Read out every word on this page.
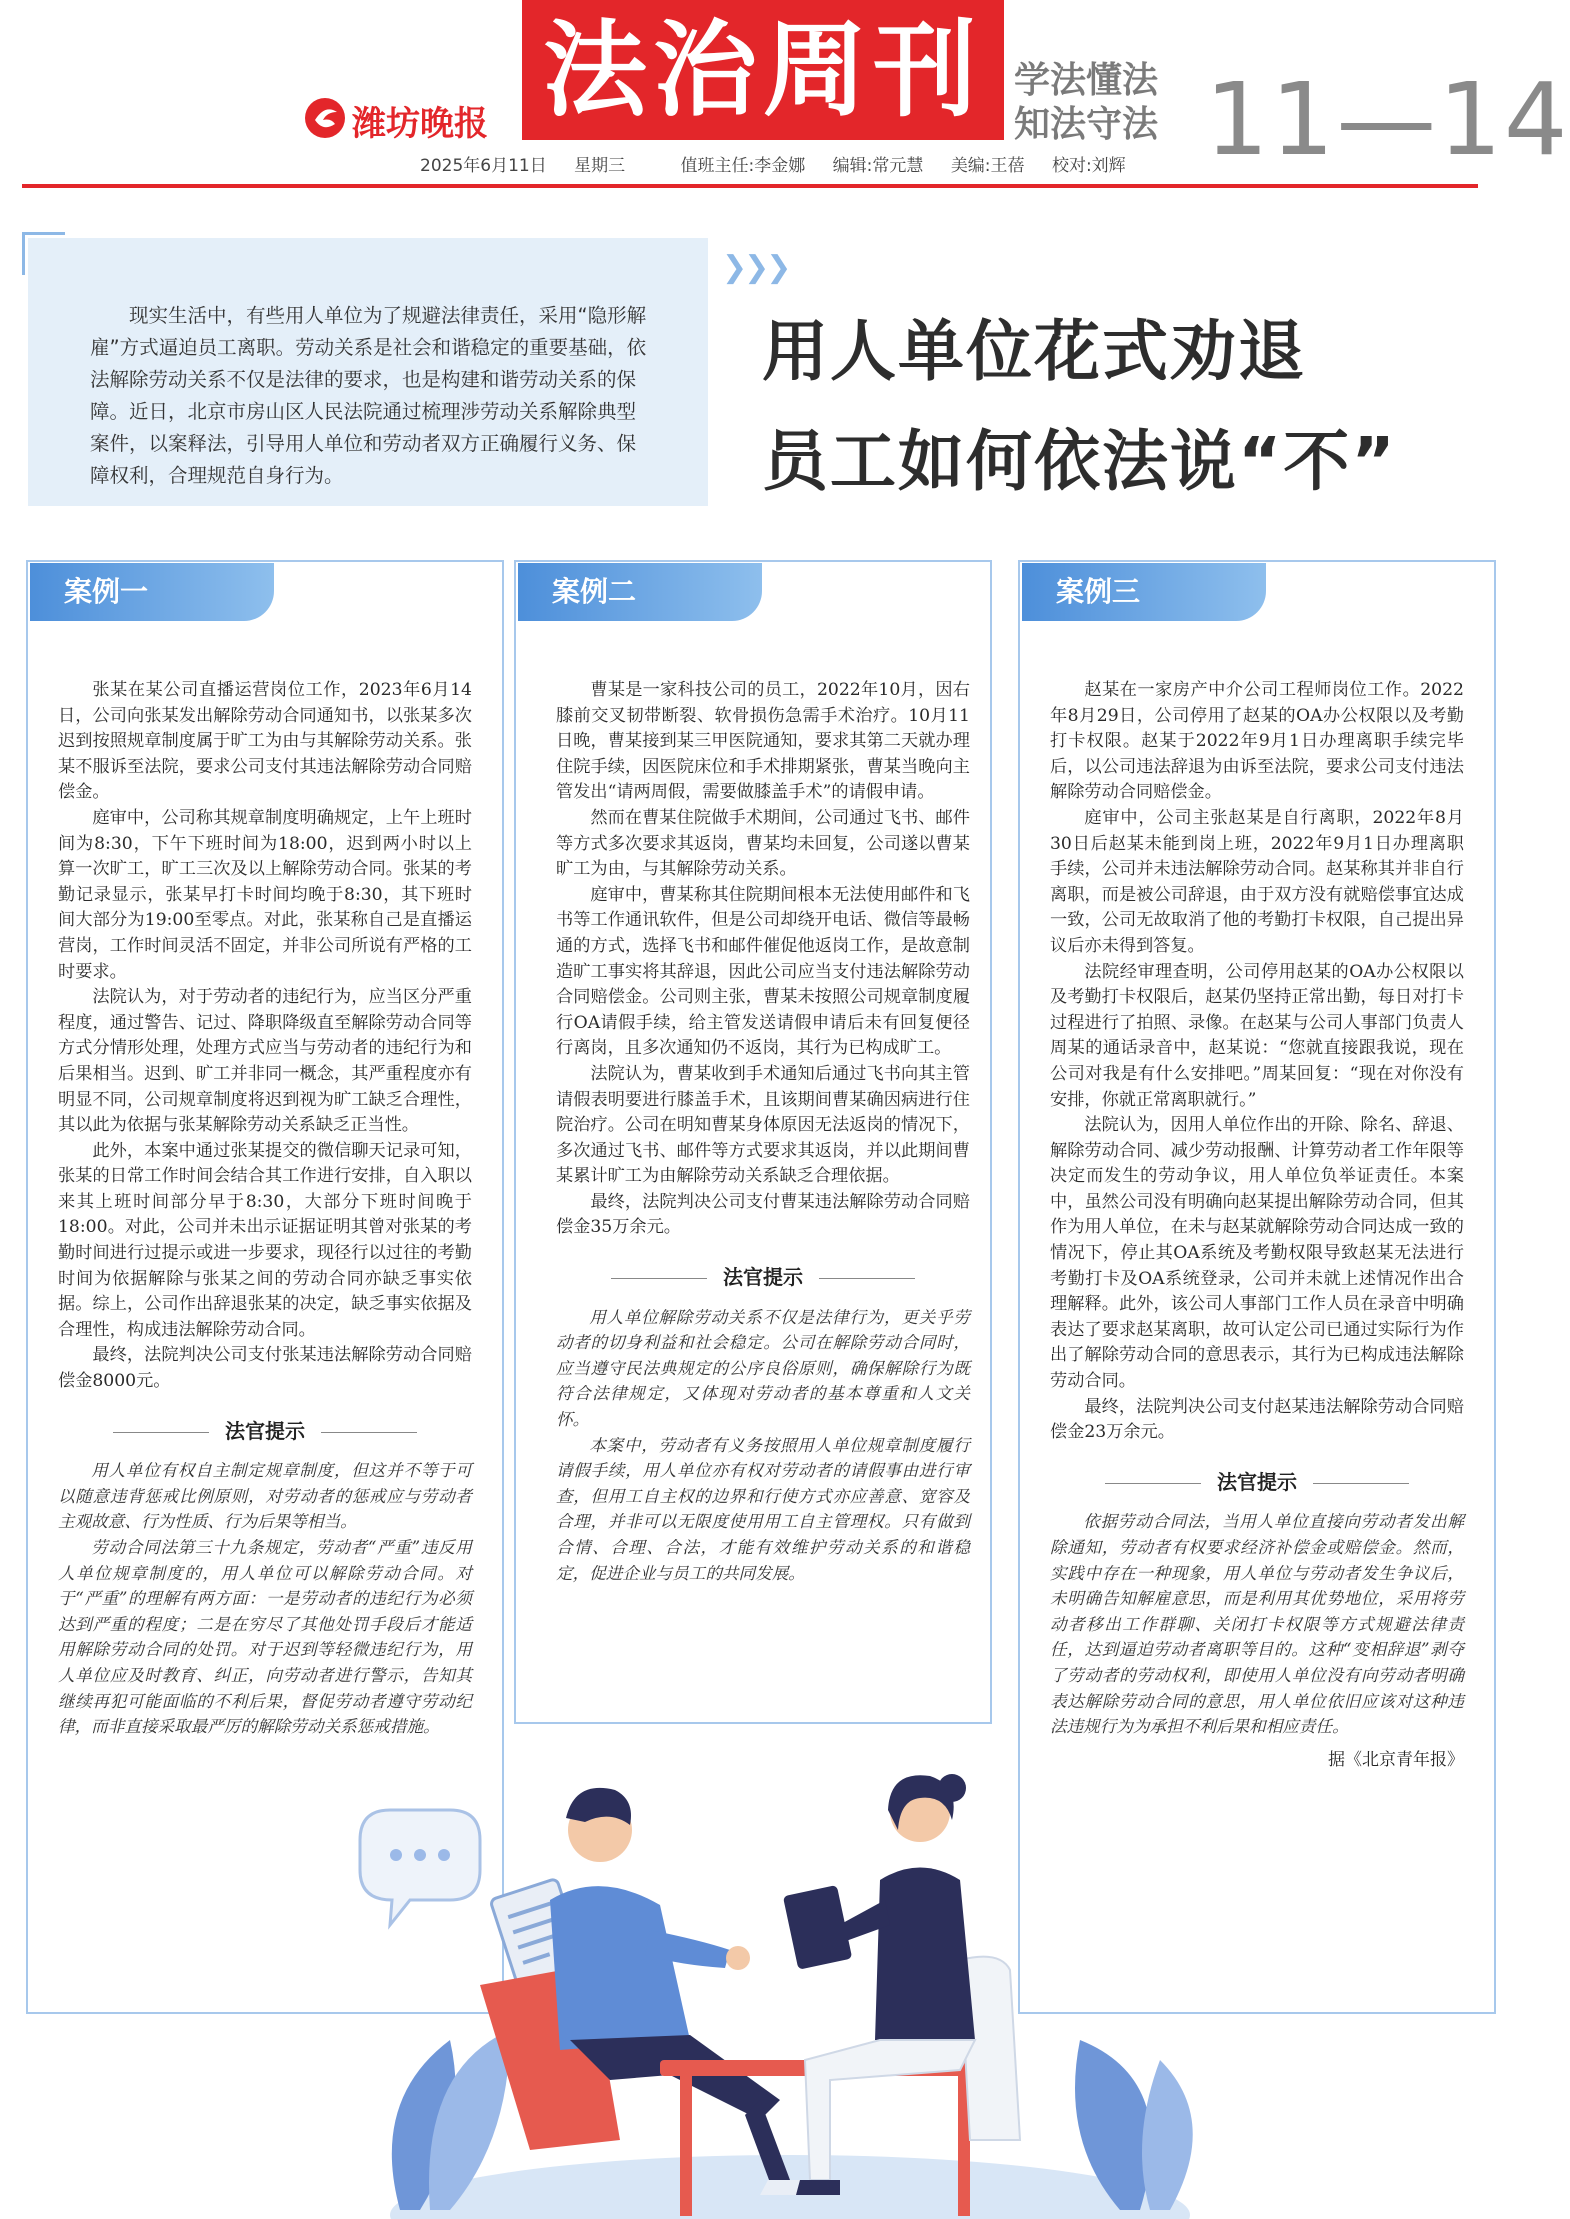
潍坊晚报 法治周刊 学法懂法
知法守法 11—14
2025年6月11日 星期三	值班主任:李金娜 编辑:常元慧 美编:王蓓 校对:刘辉
现实生活中，有些用人单位为了规避法律责任，采用“隐形解雇”方式逼迫员工离职。劳动关系是社会和谐稳定的重要基础，依法解除劳动关系不仅是法律的要求，也是构建和谐劳动关系的保障。近日，北京市房山区人民法院通过梳理涉劳动关系解除典型案件，以案释法，引导用人单位和劳动者双方正确履行义务、保障权利，合理规范自身行为。
❯❯❯
用人单位花式劝退
员工如何依法说“不”
案例一

张某在某公司直播运营岗位工作，2023年6月14日，公司向张某发出解除劳动合同通知书，以张某多次迟到按照规章制度属于旷工为由与其解除劳动关系。张某不服诉至法院，要求公司支付其违法解除劳动合同赔偿金。

庭审中，公司称其规章制度明确规定，上午上班时间为8:30，下午下班时间为18:00，迟到两小时以上算一次旷工，旷工三次及以上解除劳动合同。张某的考勤记录显示，张某早打卡时间均晚于8:30，其下班时间大部分为19:00至零点。对此，张某称自己是直播运营岗，工作时间灵活不固定，并非公司所说有严格的工时要求。

法院认为，对于劳动者的违纪行为，应当区分严重程度，通过警告、记过、降职降级直至解除劳动合同等方式分情形处理，处理方式应当与劳动者的违纪行为和后果相当。迟到、旷工并非同一概念，其严重程度亦有明显不同，公司规章制度将迟到视为旷工缺乏合理性，其以此为依据与张某解除劳动关系缺乏正当性。

此外，本案中通过张某提交的微信聊天记录可知，张某的日常工作时间会结合其工作进行安排，自入职以来其上班时间部分早于8:30，大部分下班时间晚于18:00。对此，公司并未出示证据证明其曾对张某的考勤时间进行过提示或进一步要求，现径行以过往的考勤时间为依据解除与张某之间的劳动合同亦缺乏事实依据。综上，公司作出辞退张某的决定，缺乏事实依据及合理性，构成违法解除劳动合同。

最终，法院判决公司支付张某违法解除劳动合同赔偿金8000元。

法官提示

用人单位有权自主制定规章制度，但这并不等于可以随意违背惩戒比例原则，对劳动者的惩戒应与劳动者主观故意、行为性质、行为后果等相当。

劳动合同法第三十九条规定，劳动者“严重”违反用人单位规章制度的，用人单位可以解除劳动合同。对于“严重”的理解有两方面：一是劳动者的违纪行为必须达到严重的程度；二是在穷尽了其他处罚手段后才能适用解除劳动合同的处罚。对于迟到等轻微违纪行为，用人单位应及时教育、纠正，向劳动者进行警示，告知其继续再犯可能面临的不利后果，督促劳动者遵守劳动纪律，而非直接采取最严厉的解除劳动关系惩戒措施。

案例二

曹某是一家科技公司的员工，2022年10月，因右膝前交叉韧带断裂、软骨损伤急需手术治疗。10月11日晚，曹某接到某三甲医院通知，要求其第二天就办理住院手续，因医院床位和手术排期紧张，曹某当晚向主管发出“请两周假，需要做膝盖手术”的请假申请。

然而在曹某住院做手术期间，公司通过飞书、邮件等方式多次要求其返岗，曹某均未回复，公司遂以曹某旷工为由，与其解除劳动关系。

庭审中，曹某称其住院期间根本无法使用邮件和飞书等工作通讯软件，但是公司却绕开电话、微信等最畅通的方式，选择飞书和邮件催促他返岗工作，是故意制造旷工事实将其辞退，因此公司应当支付违法解除劳动合同赔偿金。公司则主张，曹某未按照公司规章制度履行OA请假手续，给主管发送请假申请后未有回复便径行离岗，且多次通知仍不返岗，其行为已构成旷工。

法院认为，曹某收到手术通知后通过飞书向其主管请假表明要进行膝盖手术，且该期间曹某确因病进行住院治疗。公司在明知曹某身体原因无法返岗的情况下，多次通过飞书、邮件等方式要求其返岗，并以此期间曹某累计旷工为由解除劳动关系缺乏合理依据。

最终，法院判决公司支付曹某违法解除劳动合同赔偿金35万余元。

法官提示

用人单位解除劳动关系不仅是法律行为，更关乎劳动者的切身利益和社会稳定。公司在解除劳动合同时，应当遵守民法典规定的公序良俗原则，确保解除行为既符合法律规定，又体现对劳动者的基本尊重和人文关怀。

本案中，劳动者有义务按照用人单位规章制度履行请假手续，用人单位亦有权对劳动者的请假事由进行审查，但用工自主权的边界和行使方式亦应善意、宽容及合理，并非可以无限度使用用工自主管理权。只有做到合情、合理、合法，才能有效维护劳动关系的和谐稳定，促进企业与员工的共同发展。

案例三

赵某在一家房产中介公司工程师岗位工作。2022年8月29日，公司停用了赵某的OA办公权限以及考勤打卡权限。赵某于2022年9月1日办理离职手续完毕后，以公司违法辞退为由诉至法院，要求公司支付违法解除劳动合同赔偿金。

庭审中，公司主张赵某是自行离职，2022年8月30日后赵某未能到岗上班，2022年9月1日办理离职手续，公司并未违法解除劳动合同。赵某称其并非自行离职，而是被公司辞退，由于双方没有就赔偿事宜达成一致，公司无故取消了他的考勤打卡权限，自己提出异议后亦未得到答复。

法院经审理查明，公司停用赵某的OA办公权限以及考勤打卡权限后，赵某仍坚持正常出勤，每日对打卡过程进行了拍照、录像。在赵某与公司人事部门负责人周某的通话录音中，赵某说：“您就直接跟我说，现在公司对我是有什么安排吧。”周某回复：“现在对你没有安排，你就正常离职就行。”

法院认为，因用人单位作出的开除、除名、辞退、解除劳动合同、减少劳动报酬、计算劳动者工作年限等决定而发生的劳动争议，用人单位负举证责任。本案中，虽然公司没有明确向赵某提出解除劳动合同，但其作为用人单位，在未与赵某就解除劳动合同达成一致的情况下，停止其OA系统及考勤权限导致赵某无法进行考勤打卡及OA系统登录，公司并未就上述情况作出合理解释。此外，该公司人事部门工作人员在录音中明确表达了要求赵某离职，故可认定公司已通过实际行为作出了解除劳动合同的意思表示，其行为已构成违法解除劳动合同。

最终，法院判决公司支付赵某违法解除劳动合同赔偿金23万余元。

法官提示

依据劳动合同法，当用人单位直接向劳动者发出解除通知，劳动者有权要求经济补偿金或赔偿金。然而，实践中存在一种现象，用人单位与劳动者发生争议后，未明确告知解雇意思，而是利用其优势地位，采用将劳动者移出工作群聊、关闭打卡权限等方式规避法律责任，达到逼迫劳动者离职等目的。这种“变相辞退”剥夺了劳动者的劳动权利，即使用人单位没有向劳动者明确表达解除劳动合同的意思，用人单位依旧应该对这种违法违规行为为承担不利后果和相应责任。

据《北京青年报》
